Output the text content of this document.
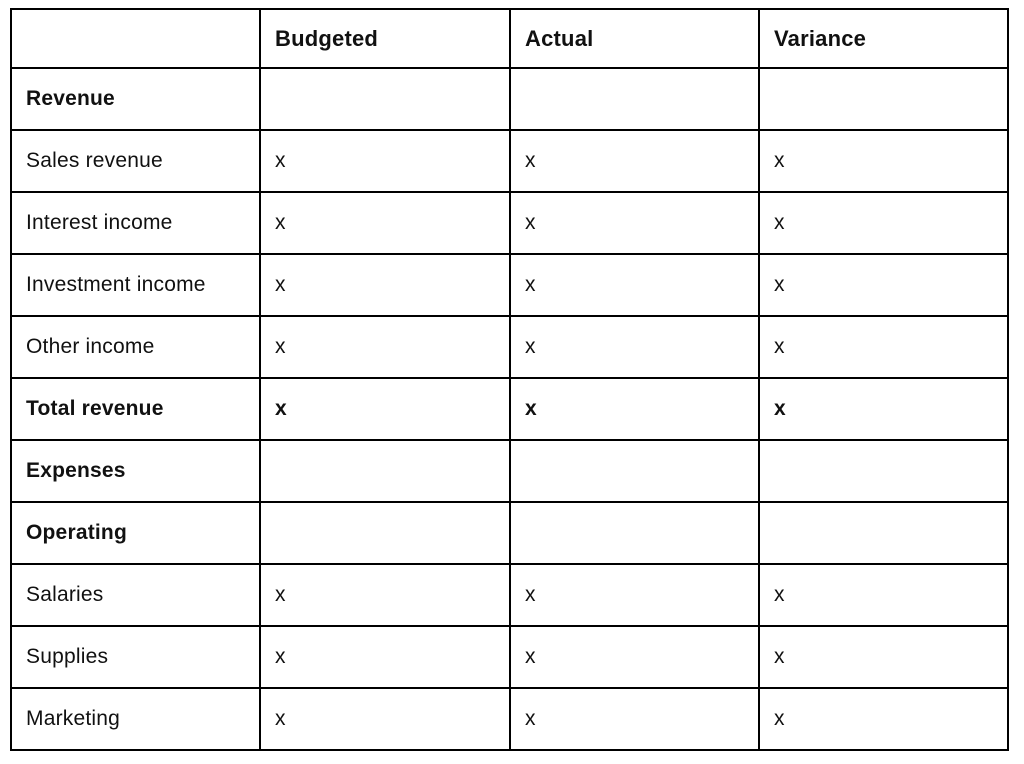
	Budgeted	Actual	Variance
Revenue			
Sales revenue	x	x	x
Interest income	x	x	x
Investment income	x	x	x
Other income	x	x	x
Total revenue	x	x	x
Expenses			
Operating			
Salaries	x	x	x
Supplies	x	x	x
Marketing	x	x	x
